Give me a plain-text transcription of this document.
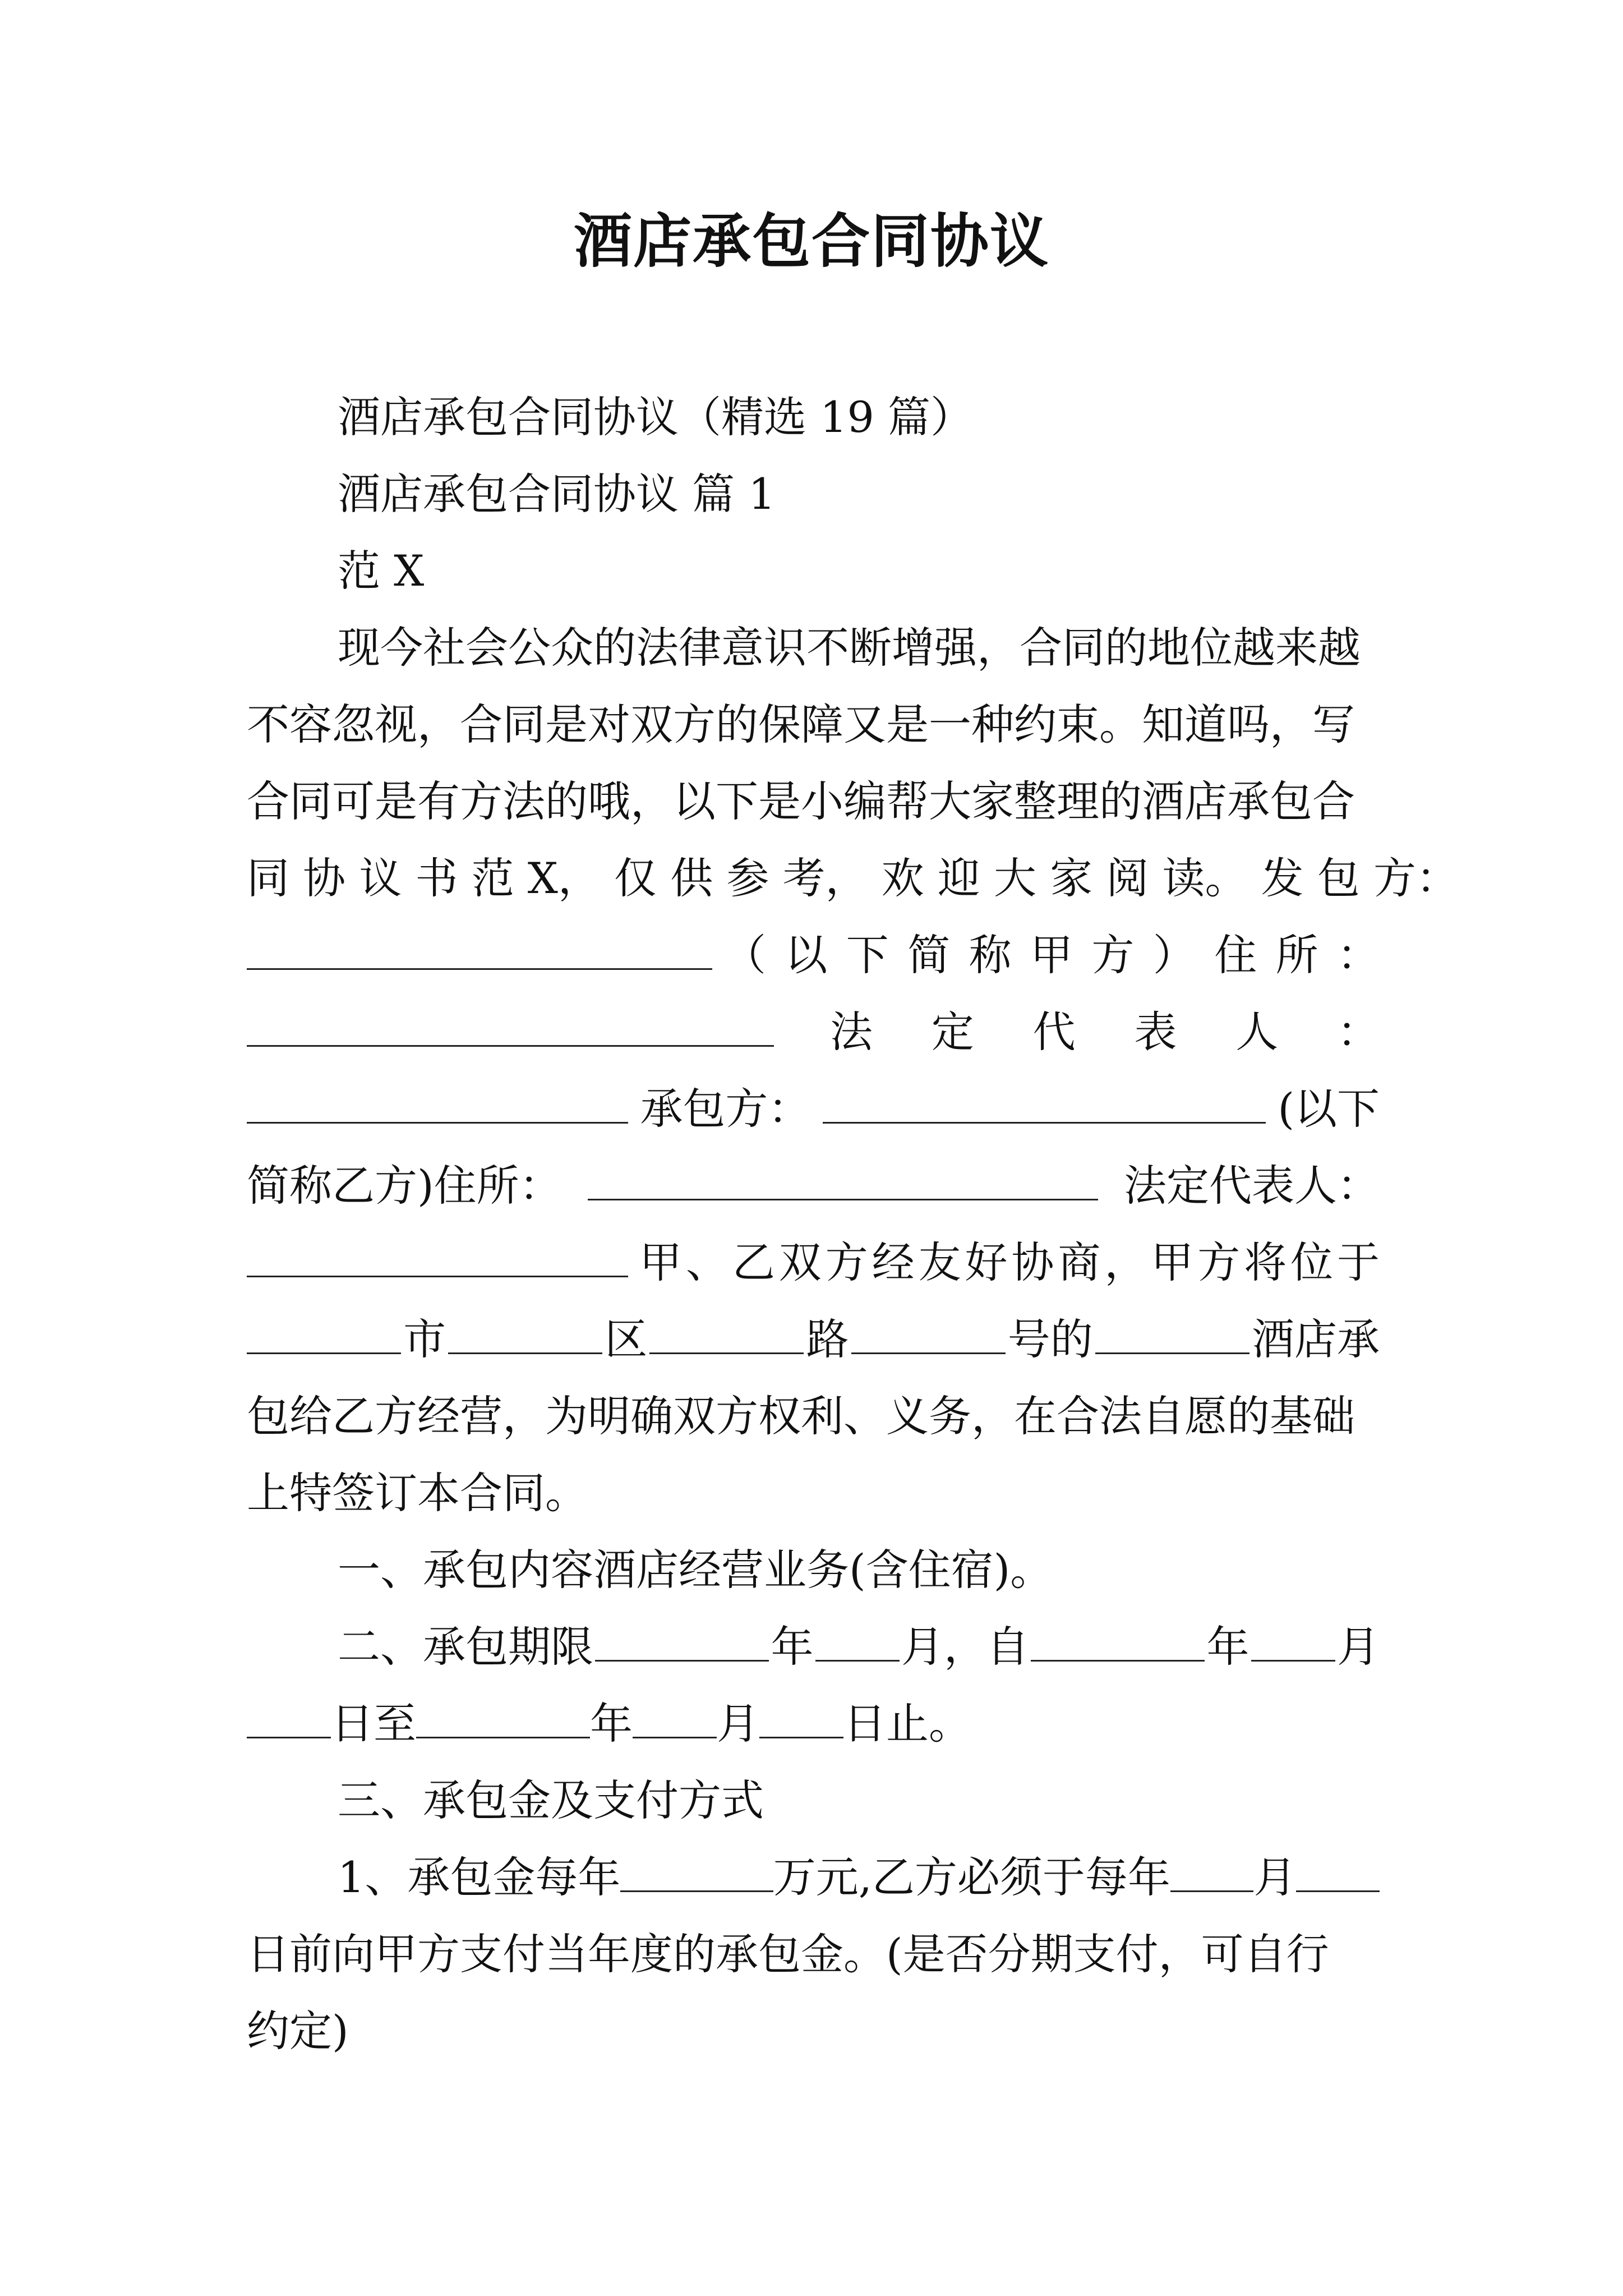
酒店承包合同协议
酒店承包合同协议（精选 19 篇）
酒店承包合同协议 篇 1
范 X
现今社会公众的法律意识不断增强，合同的地位越来越
不容忽视，合同是对双方的保障又是一种约束。知道吗，写
合同可是有方法的哦，以下是小编帮大家整理的酒店承包合
同 协 议 书 范 X， 仅 供 参 考， 欢 迎 大 家 阅 读。 发 包 方：
（ 以 下 简 称 甲 方 ） 住 所 ：
法 定 代 表 人 ：
承包方：	(以下
简称乙方)住所：	法定代表人：
甲、乙双方经友好协商，甲方将位于
市	区	路	号的	酒店承
包给乙方经营，为明确双方权利、义务，在合法自愿的基础
上特签订本合同。
一、承包内容酒店经营业务(含住宿)。
二、承包期限	年 月，自	年 月
日至	年 月 日止。
三、承包金及支付方式
1、承包金每年	万元,乙方必须于每年 月
日前向甲方支付当年度的承包金。(是否分期支付，可自行
约定)
